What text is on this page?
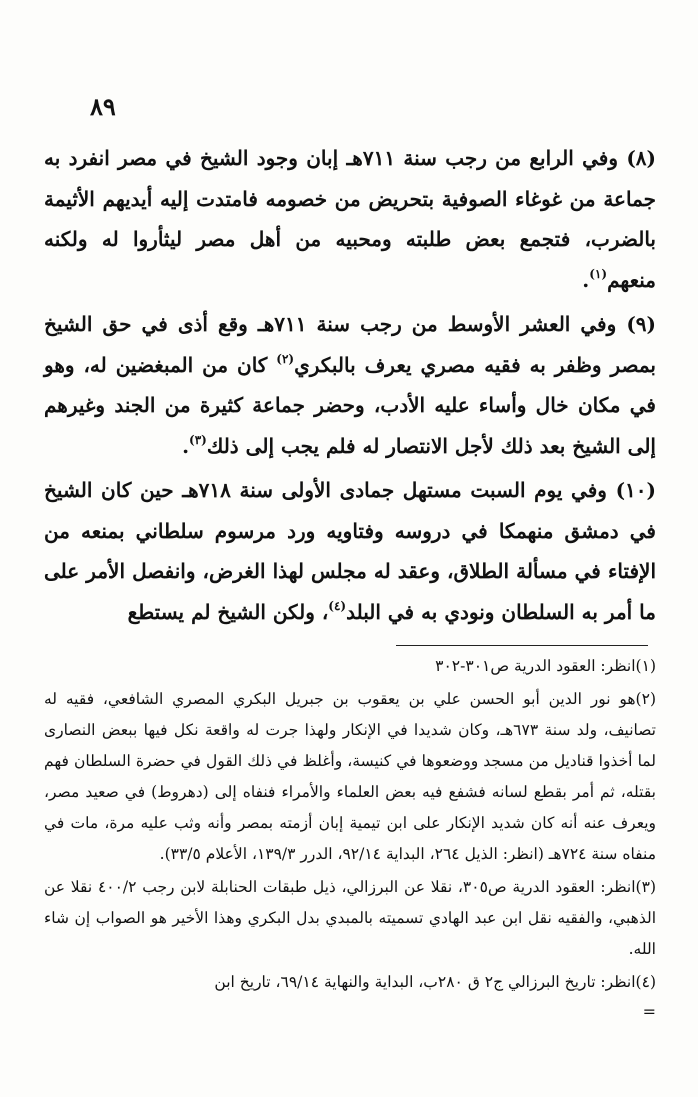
٨٩

(٨) وفي الرابع من رجب سنة ٧١١هـ إبان وجود الشيخ في مصر انفرد به جماعة من غوغاء الصوفية بتحريض من خصومه فامتدت إليه أيديهم الأثيمة بالضرب، فتجمع بعض طلبته ومحبيه من أهل مصر ليثأروا له ولكنه منعهم$^{(١)}$.

(٩) وفي العشر الأوسط من رجب سنة ٧١١هـ وقع أذى في حق الشيخ بمصر وظفر به فقيه مصري يعرف بالبكري$^{(٢)}$ كان من المبغضين له، وهو في مكان خال وأساء عليه الأدب، وحضر جماعة كثيرة من الجند وغيرهم إلى الشيخ بعد ذلك لأجل الانتصار له فلم يجب إلى ذلك$^{(٣)}$.

(١٠) وفي يوم السبت مستهل جمادى الأولى سنة ٧١٨هـ حين كان الشيخ في دمشق منهمكا في دروسه وفتاويه ورد مرسوم سلطاني بمنعه من الإفتاء في مسألة الطلاق، وعقد له مجلس لهذا الغرض، وانفصل الأمر على ما أمر به السلطان ونودي به في البلد$^{(٤)}$، ولكن الشيخ لم يستطع

(١)انظر: العقود الدرية ص٣٠١-٣٠٢

(٢)هو نور الدين أبو الحسن علي بن يعقوب بن جبريل البكري المصري الشافعي، فقيه له تصانيف، ولد سنة ٦٧٣هـ، وكان شديدا في الإنكار ولهذا جرت له واقعة نكل فيها ببعض النصارى لما أخذوا قناديل من مسجد ووضعوها في كنيسة، وأغلظ في ذلك القول في حضرة السلطان فهم بقتله، ثم أمر بقطع لسانه فشفع فيه بعض العلماء والأمراء فنفاه إلى (دهروط) في صعيد مصر، ويعرف عنه أنه كان شديد الإنكار على ابن تيمية إبان أزمته بمصر وأنه وثب عليه مرة، مات في منفاه سنة ٧٢٤هـ (انظر: الذيل ٢٦٤، البداية ٩٢/١٤، الدرر ١٣٩/٣، الأعلام ٣٣/٥).

(٣)انظر: العقود الدرية ص٣٠٥، نقلا عن البرزالي، ذيل طبقات الحنابلة لابن رجب ٤٠٠/٢ نقلا عن الذهبي، والفقيه نقل ابن عبد الهادي تسميته بالمبدي بدل البكري وهذا الأخير هو الصواب إن شاء الله.

(٤)انظر: تاريخ البرزالي ج٢ ق ٢٨٠ب، البداية والنهاية ٦٩/١٤، تاريخ ابن

=
